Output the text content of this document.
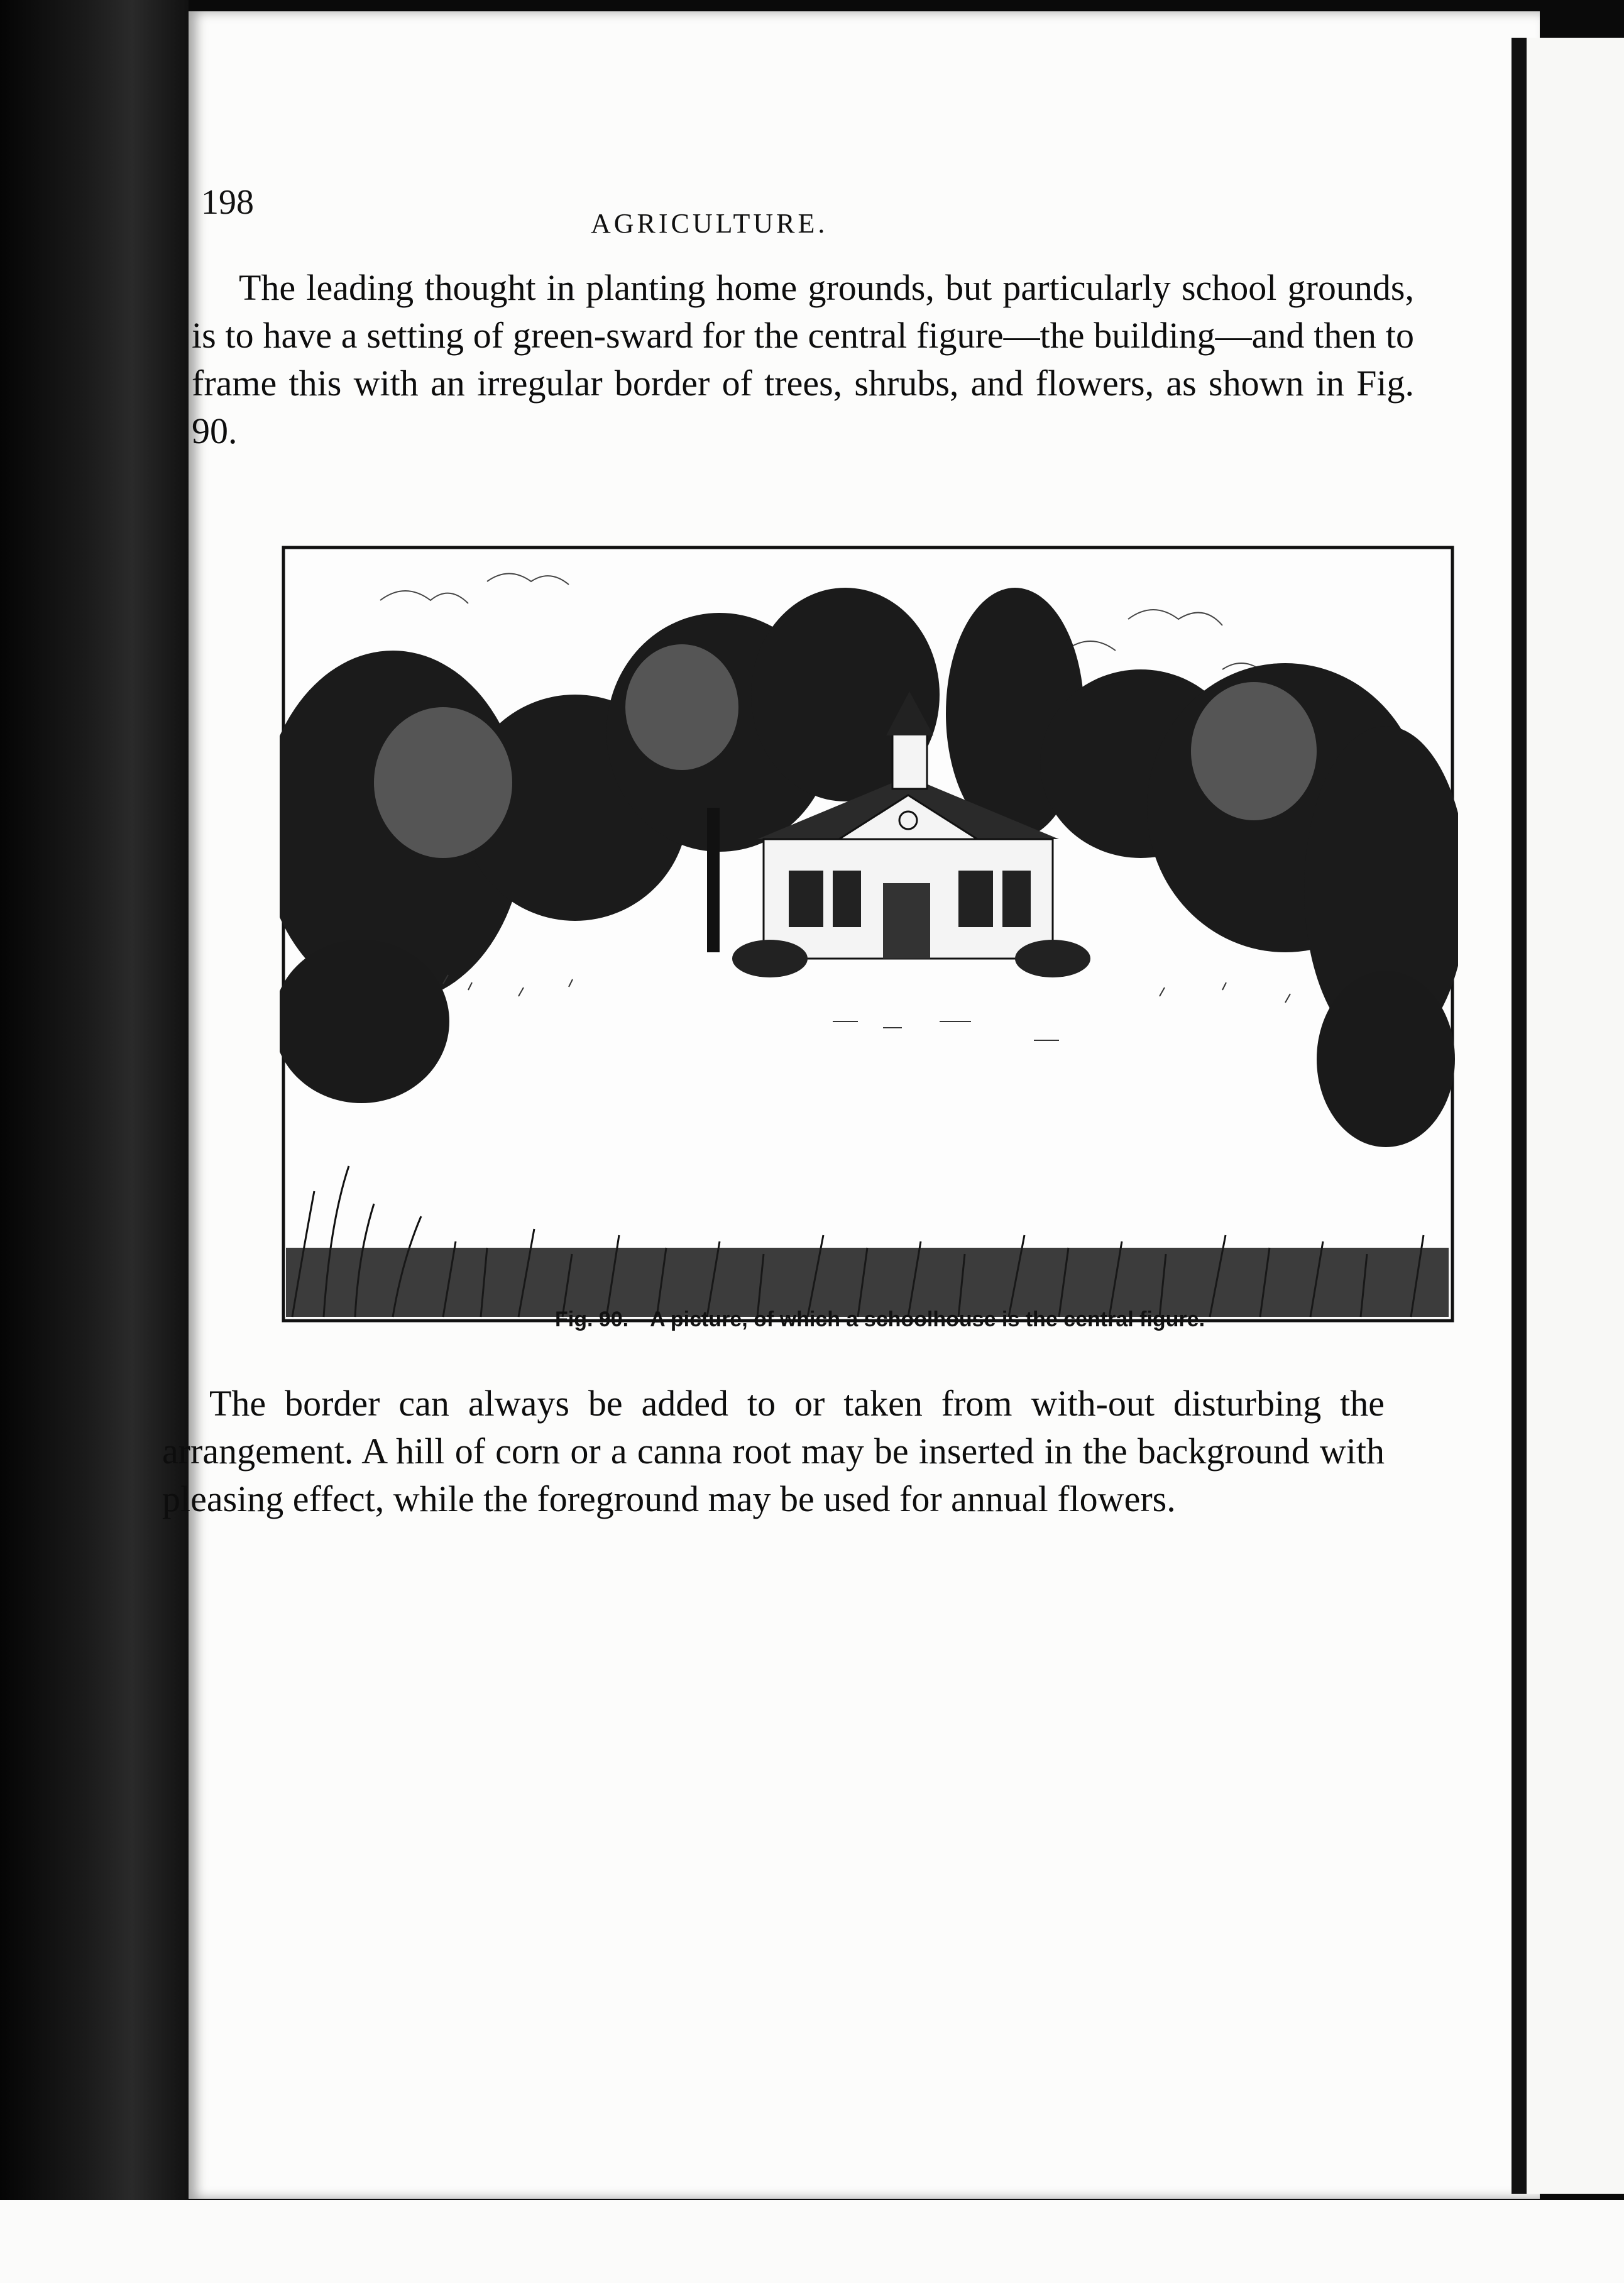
198
AGRICULTURE.

The leading thought in planting home grounds, but particularly school grounds, is to have a setting of green-sward for the central figure—the building—and then to frame this with an irregular border of trees, shrubs, and flowers, as shown in Fig. 90.

Fig. 90.—A picture, of which a schoolhouse is the central figure.

The border can always be added to or taken from with-out disturbing the arrangement. A hill of corn or a canna root may be inserted in the background with pleasing effect, while the foreground may be used for annual flowers.
